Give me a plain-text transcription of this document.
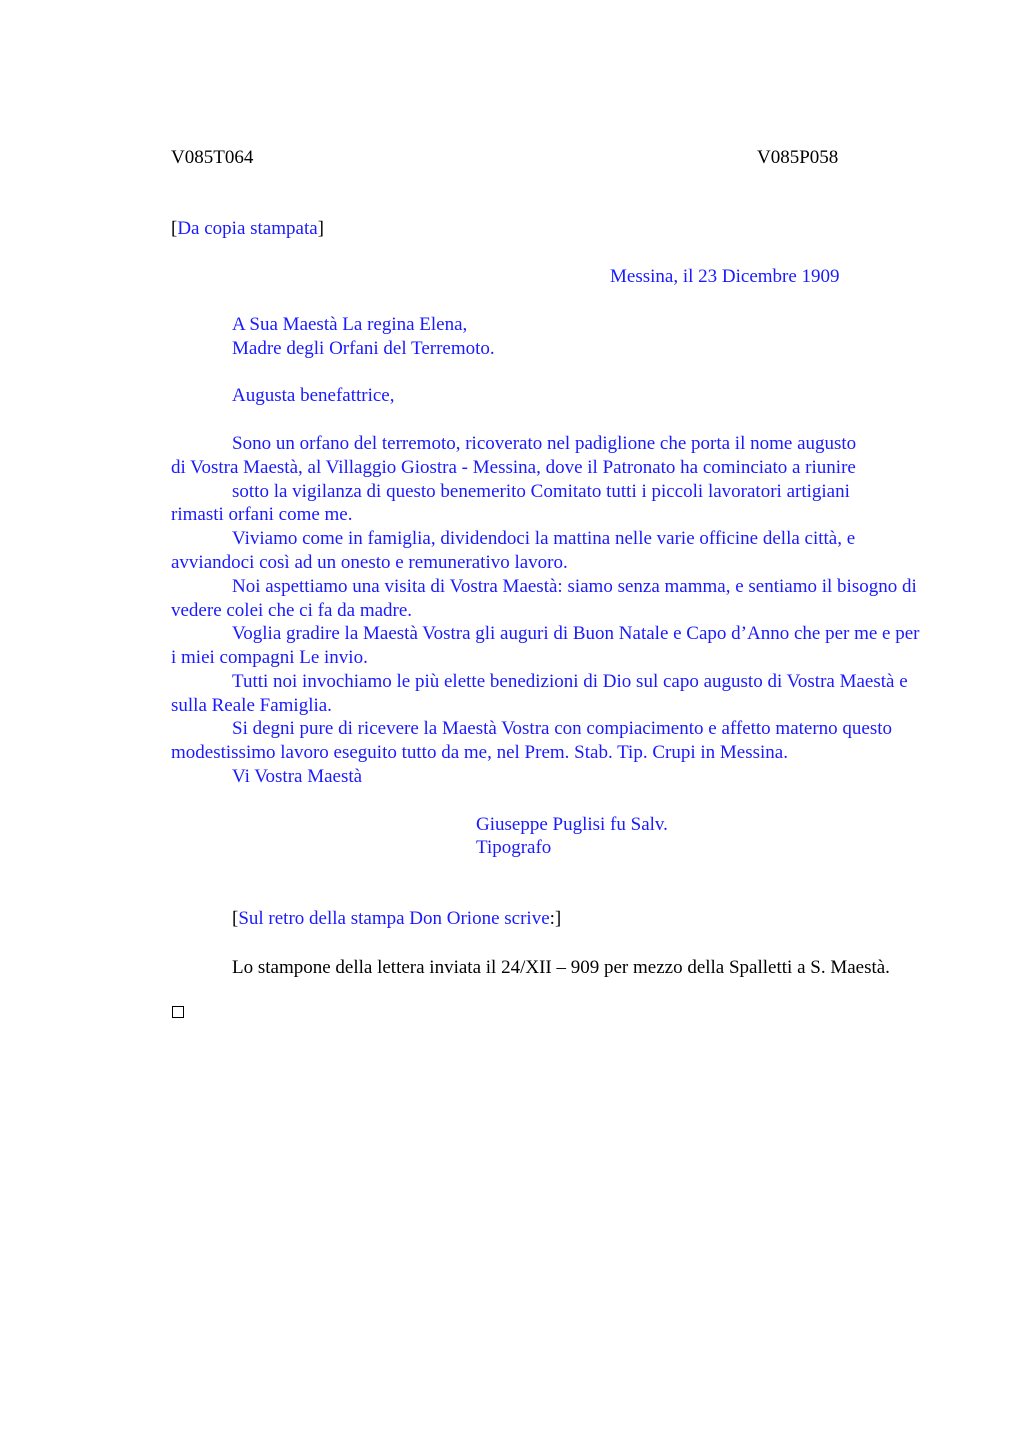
V085T064	V085P058
[Da copia stampata]
Messina, il 23 Dicembre 1909
A Sua Maestà La regina Elena,
Madre degli Orfani del Terremoto.
Augusta benefattrice,
Sono un orfano del terremoto, ricoverato nel padiglione che porta il nome augusto
di Vostra Maestà, al Villaggio Giostra - Messina, dove il Patronato ha cominciato a riunire
sotto la vigilanza di questo benemerito Comitato tutti i piccoli lavoratori artigiani
rimasti orfani come me.
Viviamo come in famiglia, dividendoci la mattina nelle varie officine della città, e avviandoci così ad un onesto e remunerativo lavoro.
Noi aspettiamo una visita di Vostra Maestà: siamo senza mamma, e sentiamo il bisogno di vedere colei che ci fa da madre.
Voglia gradire la Maestà Vostra gli auguri di Buon Natale e Capo d’Anno che per me e per i miei compagni Le invio.
Tutti noi invochiamo le più elette benedizioni di Dio sul capo augusto di Vostra Maestà e sulla Reale Famiglia.
Si degni pure di ricevere la Maestà Vostra con compiacimento e affetto materno questo modestissimo lavoro eseguito tutto da me, nel Prem. Stab. Tip. Crupi in Messina.
Vi Vostra Maestà
Giuseppe Puglisi fu Salv.
Tipografo
[Sul retro della stampa Don Orione scrive:]
Lo stampone della lettera inviata il 24/XII – 909 per mezzo della Spalletti a S. Maestà.
